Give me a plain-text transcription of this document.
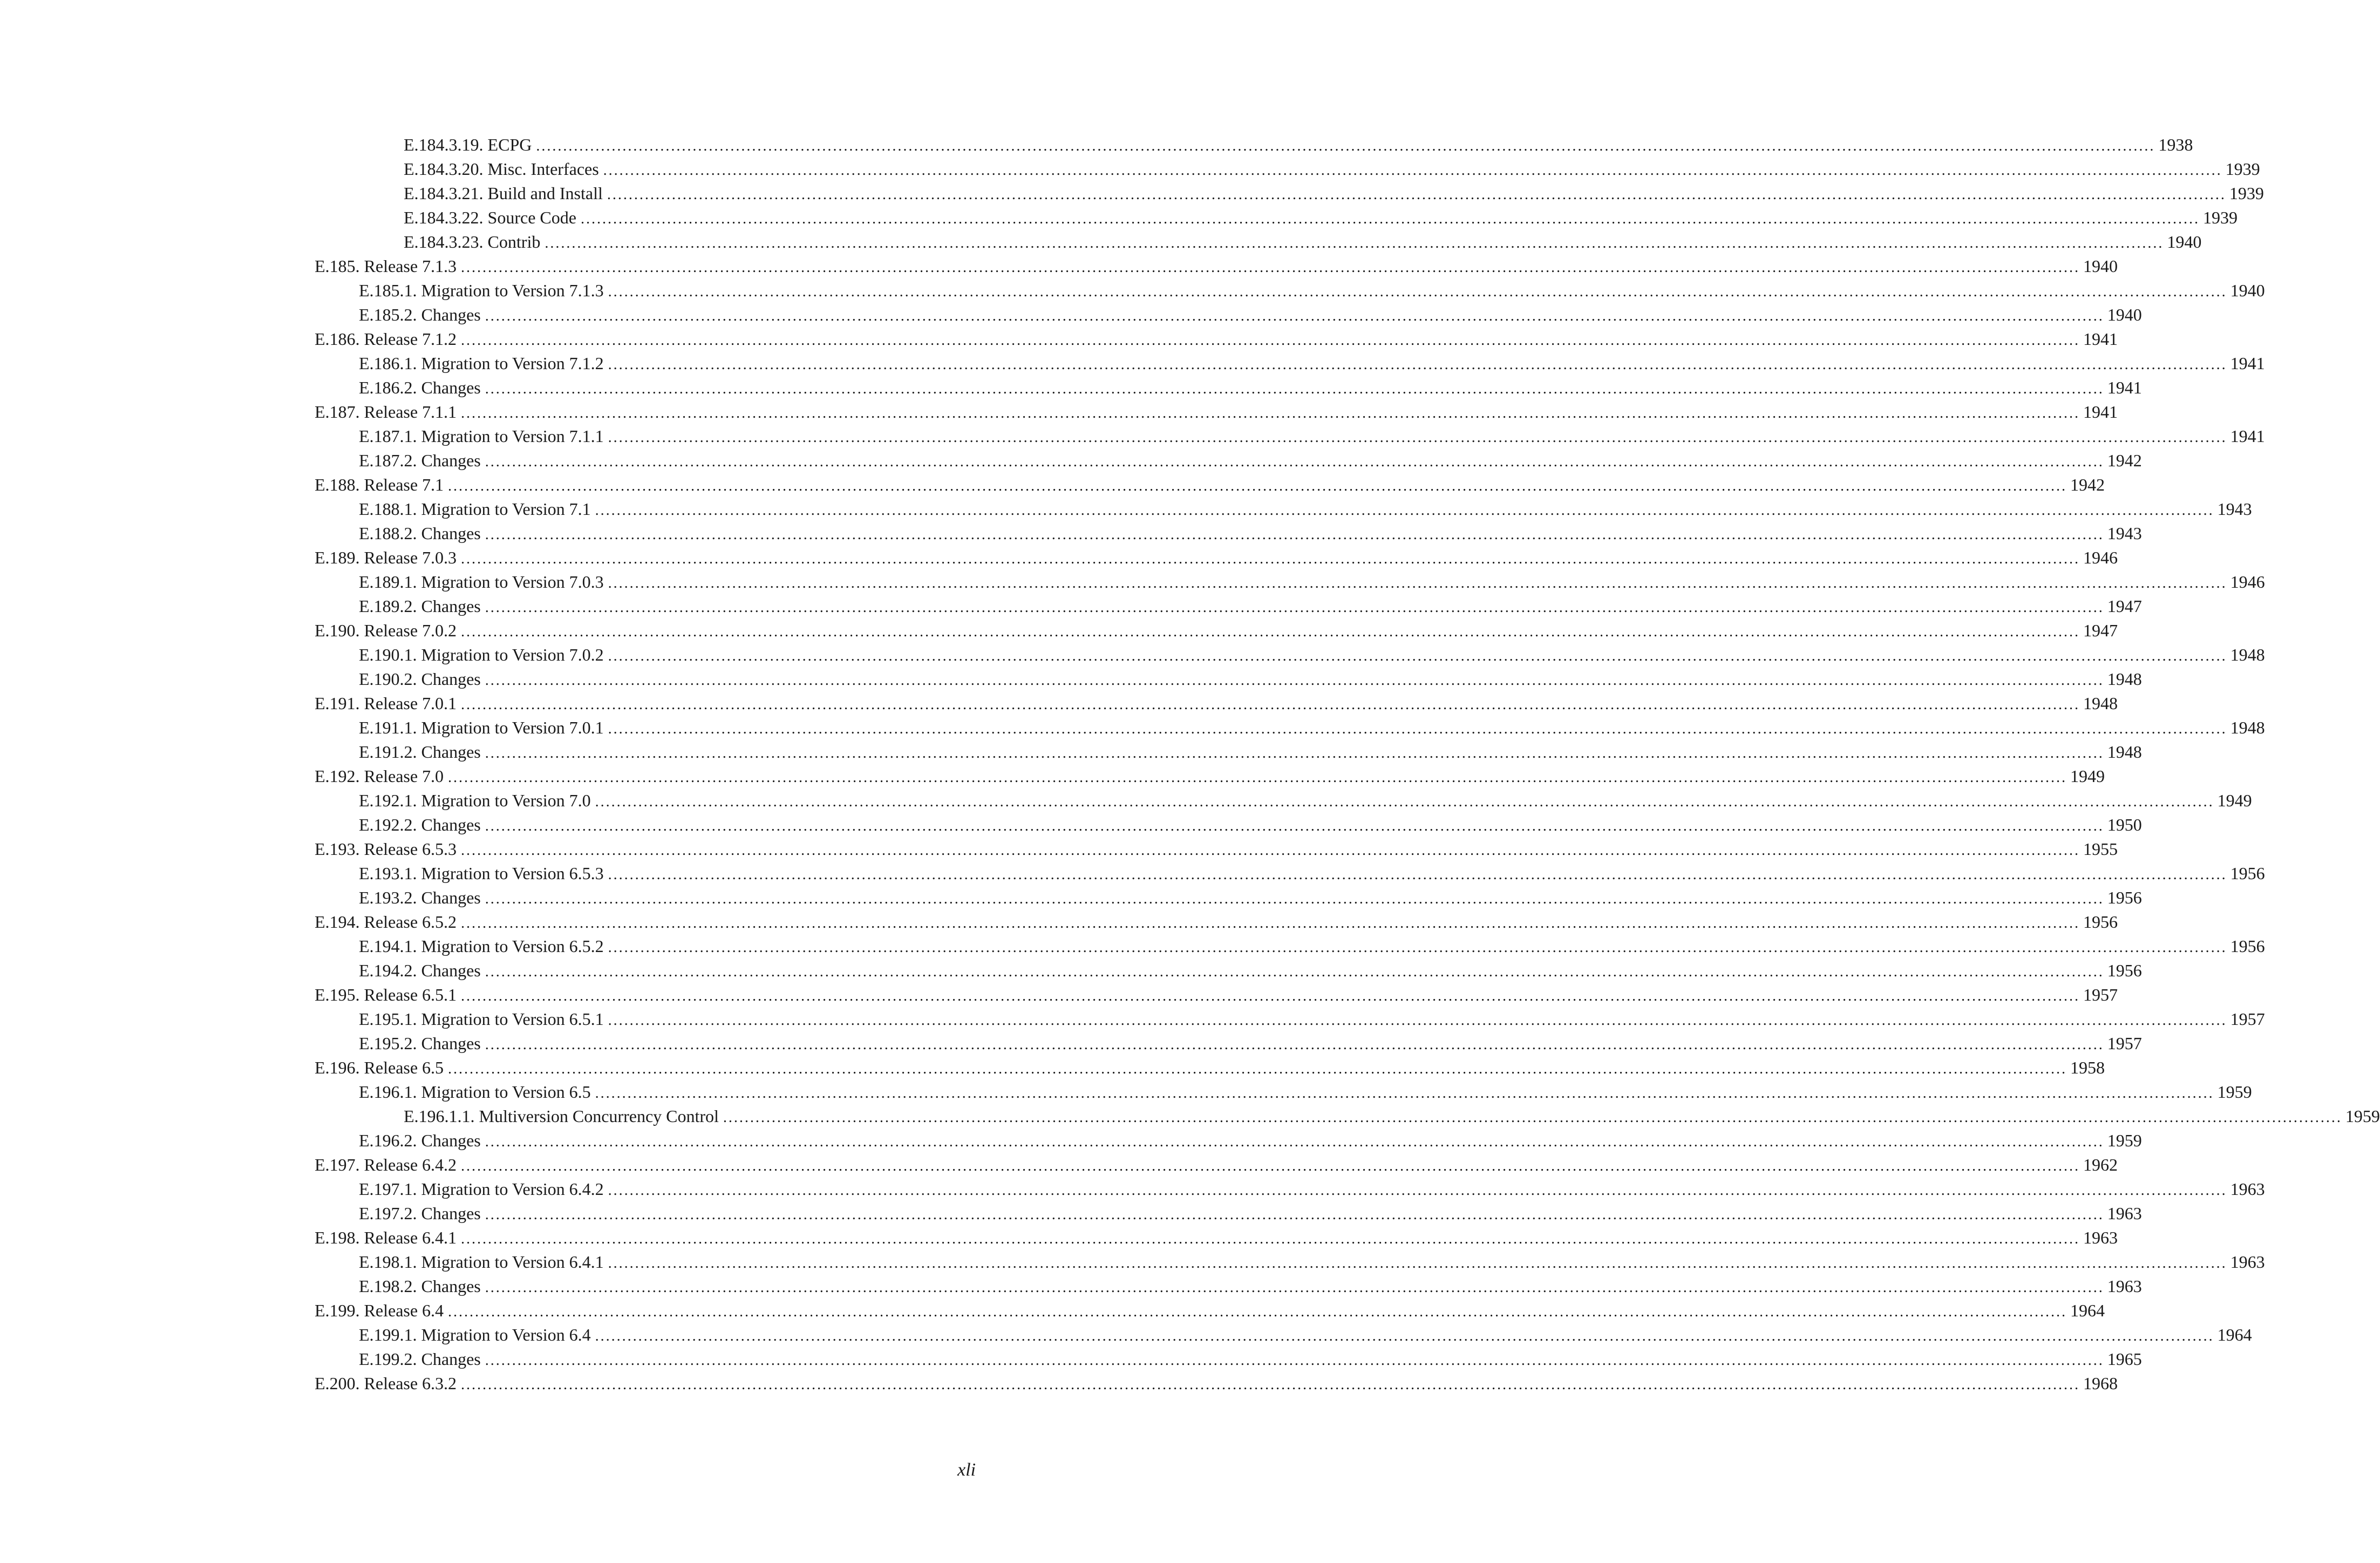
E.184.3.19. ECPG ............................................................................................................................................................................................................................................................................................................ 1938
E.184.3.20. Misc. Interfaces ............................................................................................................................................................................................................................................................................................................ 1939
E.184.3.21. Build and Install ............................................................................................................................................................................................................................................................................................................ 1939
E.184.3.22. Source Code ............................................................................................................................................................................................................................................................................................................ 1939
E.184.3.23. Contrib ............................................................................................................................................................................................................................................................................................................ 1940
E.185. Release 7.1.3 ............................................................................................................................................................................................................................................................................................................ 1940
E.185.1. Migration to Version 7.1.3 ............................................................................................................................................................................................................................................................................................................ 1940
E.185.2. Changes ............................................................................................................................................................................................................................................................................................................ 1940
E.186. Release 7.1.2 ............................................................................................................................................................................................................................................................................................................ 1941
E.186.1. Migration to Version 7.1.2 ............................................................................................................................................................................................................................................................................................................ 1941
E.186.2. Changes ............................................................................................................................................................................................................................................................................................................ 1941
E.187. Release 7.1.1 ............................................................................................................................................................................................................................................................................................................ 1941
E.187.1. Migration to Version 7.1.1 ............................................................................................................................................................................................................................................................................................................ 1941
E.187.2. Changes ............................................................................................................................................................................................................................................................................................................ 1942
E.188. Release 7.1 ............................................................................................................................................................................................................................................................................................................ 1942
E.188.1. Migration to Version 7.1 ............................................................................................................................................................................................................................................................................................................ 1943
E.188.2. Changes ............................................................................................................................................................................................................................................................................................................ 1943
E.189. Release 7.0.3 ............................................................................................................................................................................................................................................................................................................ 1946
E.189.1. Migration to Version 7.0.3 ............................................................................................................................................................................................................................................................................................................ 1946
E.189.2. Changes ............................................................................................................................................................................................................................................................................................................ 1947
E.190. Release 7.0.2 ............................................................................................................................................................................................................................................................................................................ 1947
E.190.1. Migration to Version 7.0.2 ............................................................................................................................................................................................................................................................................................................ 1948
E.190.2. Changes ............................................................................................................................................................................................................................................................................................................ 1948
E.191. Release 7.0.1 ............................................................................................................................................................................................................................................................................................................ 1948
E.191.1. Migration to Version 7.0.1 ............................................................................................................................................................................................................................................................................................................ 1948
E.191.2. Changes ............................................................................................................................................................................................................................................................................................................ 1948
E.192. Release 7.0 ............................................................................................................................................................................................................................................................................................................ 1949
E.192.1. Migration to Version 7.0 ............................................................................................................................................................................................................................................................................................................ 1949
E.192.2. Changes ............................................................................................................................................................................................................................................................................................................ 1950
E.193. Release 6.5.3 ............................................................................................................................................................................................................................................................................................................ 1955
E.193.1. Migration to Version 6.5.3 ............................................................................................................................................................................................................................................................................................................ 1956
E.193.2. Changes ............................................................................................................................................................................................................................................................................................................ 1956
E.194. Release 6.5.2 ............................................................................................................................................................................................................................................................................................................ 1956
E.194.1. Migration to Version 6.5.2 ............................................................................................................................................................................................................................................................................................................ 1956
E.194.2. Changes ............................................................................................................................................................................................................................................................................................................ 1956
E.195. Release 6.5.1 ............................................................................................................................................................................................................................................................................................................ 1957
E.195.1. Migration to Version 6.5.1 ............................................................................................................................................................................................................................................................................................................ 1957
E.195.2. Changes ............................................................................................................................................................................................................................................................................................................ 1957
E.196. Release 6.5 ............................................................................................................................................................................................................................................................................................................ 1958
E.196.1. Migration to Version 6.5 ............................................................................................................................................................................................................................................................................................................ 1959
E.196.1.1. Multiversion Concurrency Control ............................................................................................................................................................................................................................................................................................................ 1959
E.196.2. Changes ............................................................................................................................................................................................................................................................................................................ 1959
E.197. Release 6.4.2 ............................................................................................................................................................................................................................................................................................................ 1962
E.197.1. Migration to Version 6.4.2 ............................................................................................................................................................................................................................................................................................................ 1963
E.197.2. Changes ............................................................................................................................................................................................................................................................................................................ 1963
E.198. Release 6.4.1 ............................................................................................................................................................................................................................................................................................................ 1963
E.198.1. Migration to Version 6.4.1 ............................................................................................................................................................................................................................................................................................................ 1963
E.198.2. Changes ............................................................................................................................................................................................................................................................................................................ 1963
E.199. Release 6.4 ............................................................................................................................................................................................................................................................................................................ 1964
E.199.1. Migration to Version 6.4 ............................................................................................................................................................................................................................................................................................................ 1964
E.199.2. Changes ............................................................................................................................................................................................................................................................................................................ 1965
E.200. Release 6.3.2 ............................................................................................................................................................................................................................................................................................................ 1968
xli
